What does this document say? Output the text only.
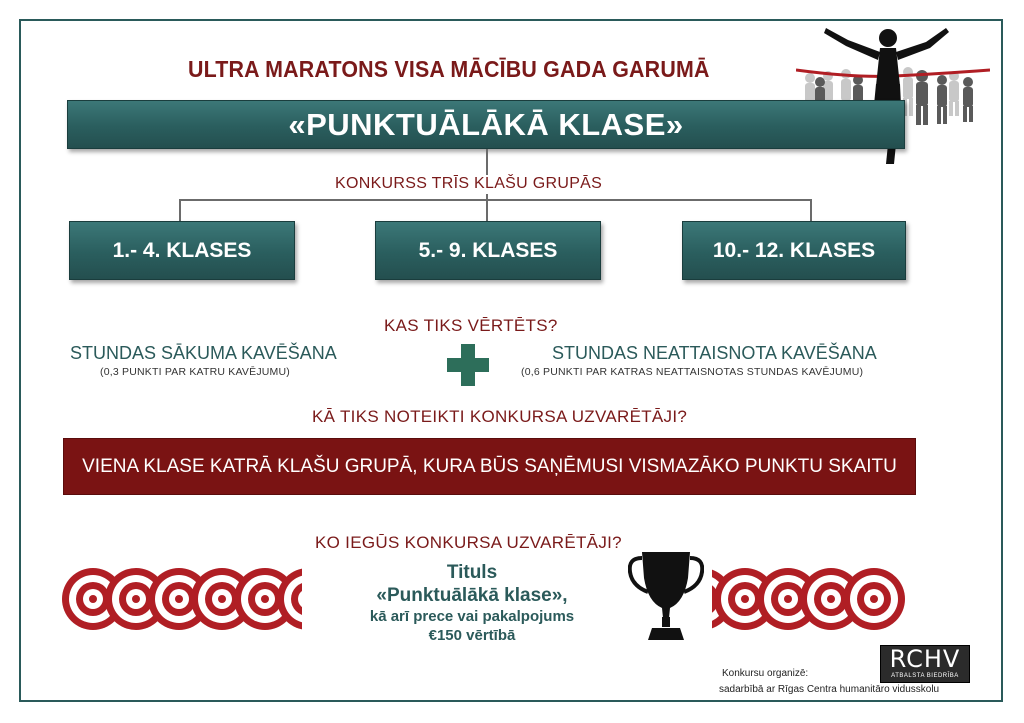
ULTRA MARATONS VISA MĀCĪBU GADA GARUMĀ
«PUNKTUĀLĀKĀ KLASE»
KONKURSS TRĪS KLAŠU GRUPĀS
1.- 4. KLASES	5.- 9. KLASES	10.- 12. KLASES
KAS TIKS VĒRTĒTS?
STUNDAS SĀKUMA KAVĒŠANA
(0,3 PUNKTI PAR KATRU KAVĒJUMU)
STUNDAS NEATTAISNOTA KAVĒŠANA
(0,6 PUNKTI PAR KATRAS NEATTAISNOTAS STUNDAS KAVĒJUMU)
KĀ TIKS NOTEIKTI KONKURSA UZVARĒTĀJI?
VIENA KLASE KATRĀ KLAŠU GRUPĀ, KURA BŪS SAŅĒMUSI VISMAZĀKO PUNKTU SKAITU
KO IEGŪS KONKURSA UZVARĒTĀJI?
Tituls
«Punktuālākā klase»,
kā arī prece vai pakalpojums
€150 vērtībā
Konkursu organizē:
sadarbībā ar Rīgas Centra humanitāro vidusskolu
RCHV
ATBALSTA BIEDRĪBA
